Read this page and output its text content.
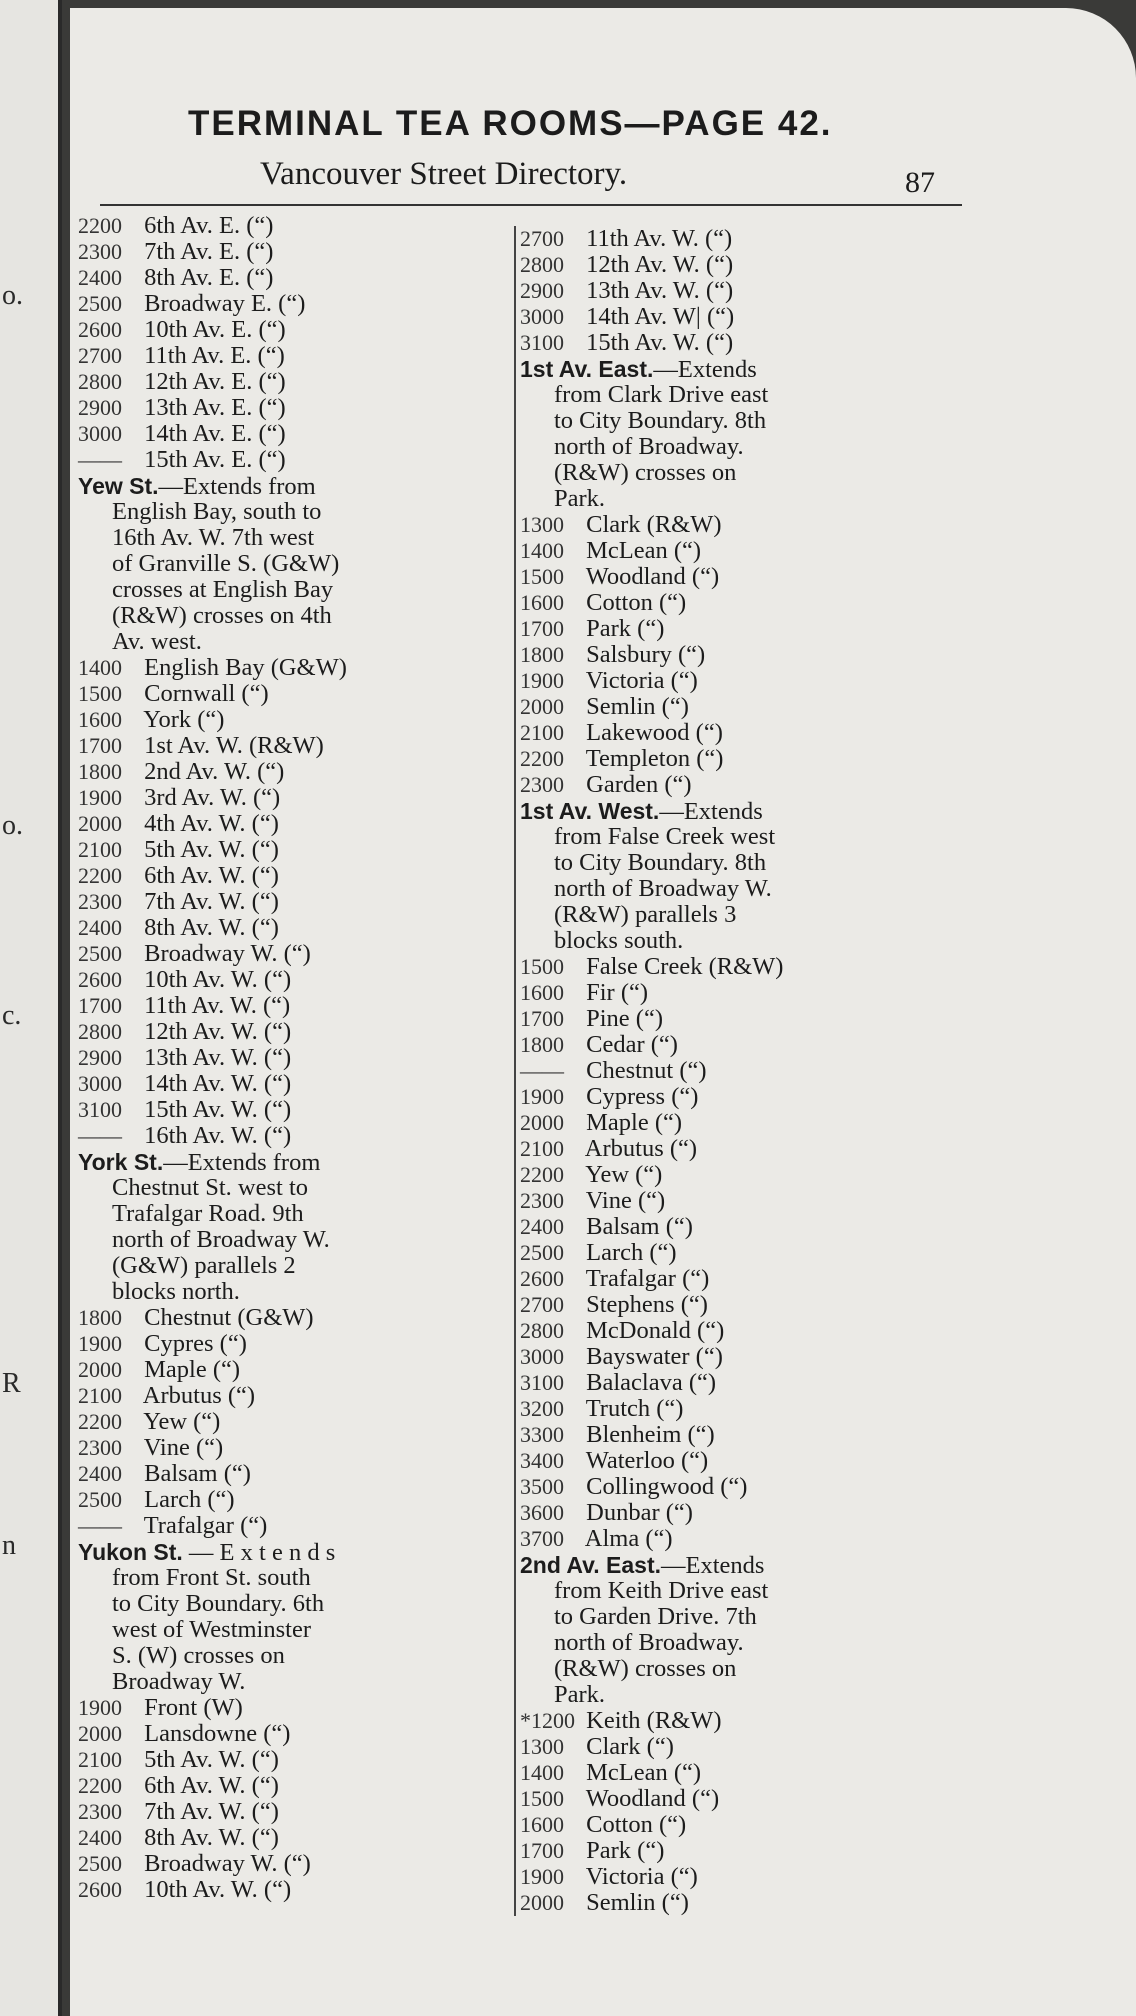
o.
o.
c.
R
n
TERMINAL TEA ROOMS—PAGE 42.
Vancouver Street Directory.	87
2200 6th Av. E. (“)
2300 7th Av. E. (“)
2400 8th Av. E. (“)
2500 Broadway E. (“)
2600 10th Av. E. (“)
2700 11th Av. E. (“)
2800 12th Av. E. (“)
2900 13th Av. E. (“)
3000 14th Av. E. (“)
—— 15th Av. E. (“)
Yew St.—Extends from
English Bay, south to
16th Av. W. 7th west
of Granville S. (G&W)
crosses at English Bay
(R&W) crosses on 4th
Av. west.
1400 English Bay (G&W)
1500 Cornwall (“)
1600 York (“)
1700 1st Av. W. (R&W)
1800 2nd Av. W. (“)
1900 3rd Av. W. (“)
2000 4th Av. W. (“)
2100 5th Av. W. (“)
2200 6th Av. W. (“)
2300 7th Av. W. (“)
2400 8th Av. W. (“)
2500 Broadway W. (“)
2600 10th Av. W. (“)
1700 11th Av. W. (“)
2800 12th Av. W. (“)
2900 13th Av. W. (“)
3000 14th Av. W. (“)
3100 15th Av. W. (“)
—— 16th Av. W. (“)
York St.—Extends from
Chestnut St. west to
Trafalgar Road. 9th
north of Broadway W.
(G&W) parallels 2
blocks north.
1800 Chestnut (G&W)
1900 Cypres (“)
2000 Maple (“)
2100 Arbutus (“)
2200 Yew (“)
2300 Vine (“)
2400 Balsam (“)
2500 Larch (“)
—— Trafalgar (“)
Yukon St. — E x t e n d s
from Front St. south
to City Boundary. 6th
west of Westminster
S. (W) crosses on
Broadway W.
1900 Front (W)
2000 Lansdowne (“)
2100 5th Av. W. (“)
2200 6th Av. W. (“)
2300 7th Av. W. (“)
2400 8th Av. W. (“)
2500 Broadway W. (“)
2600 10th Av. W. (“)
2700 11th Av. W. (“)
2800 12th Av. W. (“)
2900 13th Av. W. (“)
3000 14th Av. W| (“)
3100 15th Av. W. (“)
1st Av. East.—Extends
from Clark Drive east
to City Boundary. 8th
north of Broadway.
(R&W) crosses on
Park.
1300 Clark (R&W)
1400 McLean (“)
1500 Woodland (“)
1600 Cotton (“)
1700 Park (“)
1800 Salsbury (“)
1900 Victoria (“)
2000 Semlin (“)
2100 Lakewood (“)
2200 Templeton (“)
2300 Garden (“)
1st Av. West.—Extends
from False Creek west
to City Boundary. 8th
north of Broadway W.
(R&W) parallels 3
blocks south.
1500 False Creek (R&W)
1600 Fir (“)
1700 Pine (“)
1800 Cedar (“)
—— Chestnut (“)
1900 Cypress (“)
2000 Maple (“)
2100 Arbutus (“)
2200 Yew (“)
2300 Vine (“)
2400 Balsam (“)
2500 Larch (“)
2600 Trafalgar (“)
2700 Stephens (“)
2800 McDonald (“)
3000 Bayswater (“)
3100 Balaclava (“)
3200 Trutch (“)
3300 Blenheim (“)
3400 Waterloo (“)
3500 Collingwood (“)
3600 Dunbar (“)
3700 Alma (“)
2nd Av. East.—Extends
from Keith Drive east
to Garden Drive. 7th
north of Broadway.
(R&W) crosses on
Park.
*1200 Keith (R&W)
1300 Clark (“)
1400 McLean (“)
1500 Woodland (“)
1600 Cotton (“)
1700 Park (“)
1900 Victoria (“)
2000 Semlin (“)
